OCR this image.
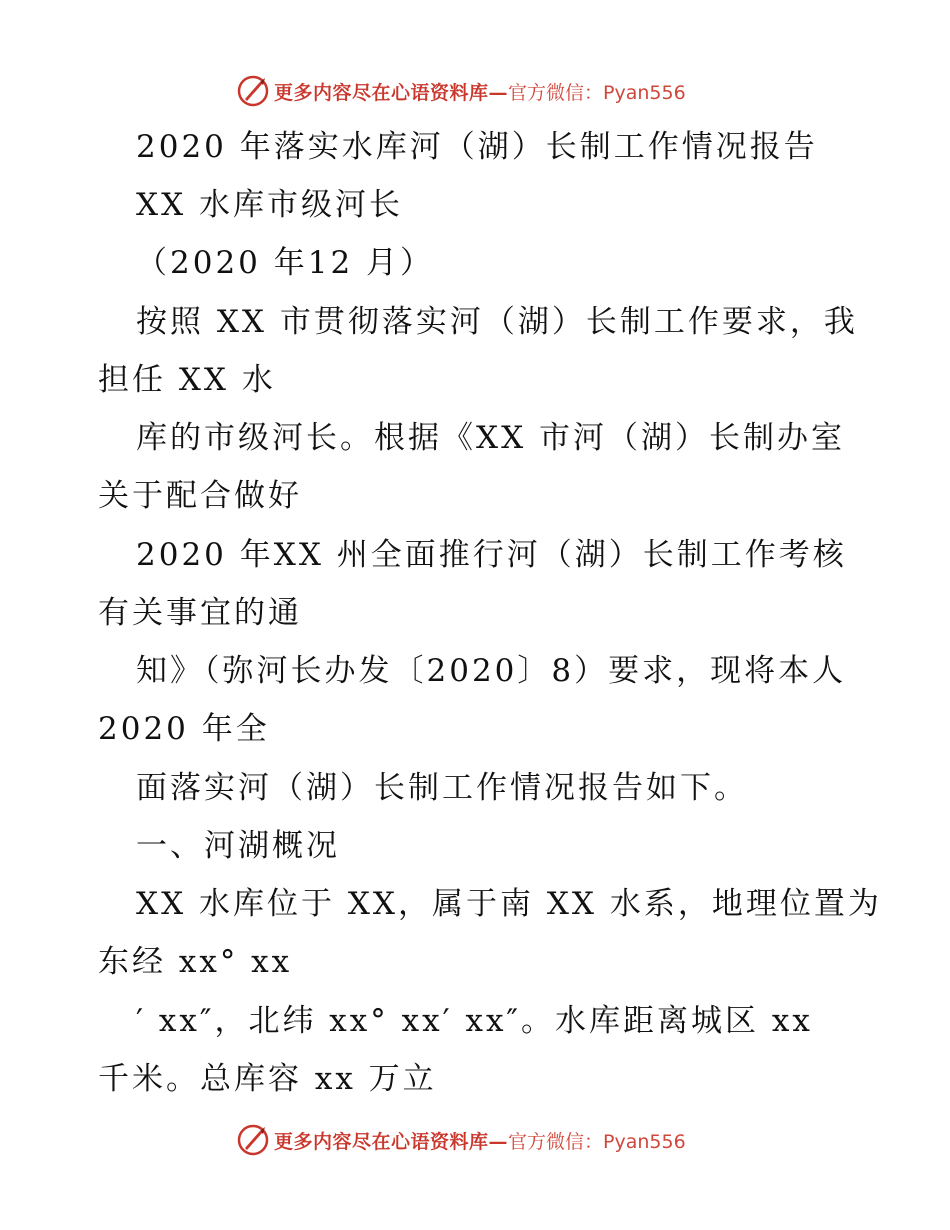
更多内容尽在心语资料库— 官方微信：Pyan556
2020 年落实水库河（湖）长制工作情况报告
XX 水库市级河长
（2020 年12 月）
按照 XX 市贯彻落实河（湖）长制工作要求，我
担任 XX 水
库的市级河长。根据《XX 市河（湖）长制办室
关于配合做好
2020 年XX 州全面推行河（湖）长制工作考核
有关事宜的通
知》（弥河长办发〔2020〕8）要求，现将本人
2020 年全
面落实河（湖）长制工作情况报告如下。
一、河湖概况
XX 水库位于 XX，属于南 XX 水系，地理位置为
东经 xx° xx
′ xx″，北纬 xx° xx′ xx″。水库距离城区 xx
千米。总库容 xx 万立
更多内容尽在心语资料库— 官方微信：Pyan556
